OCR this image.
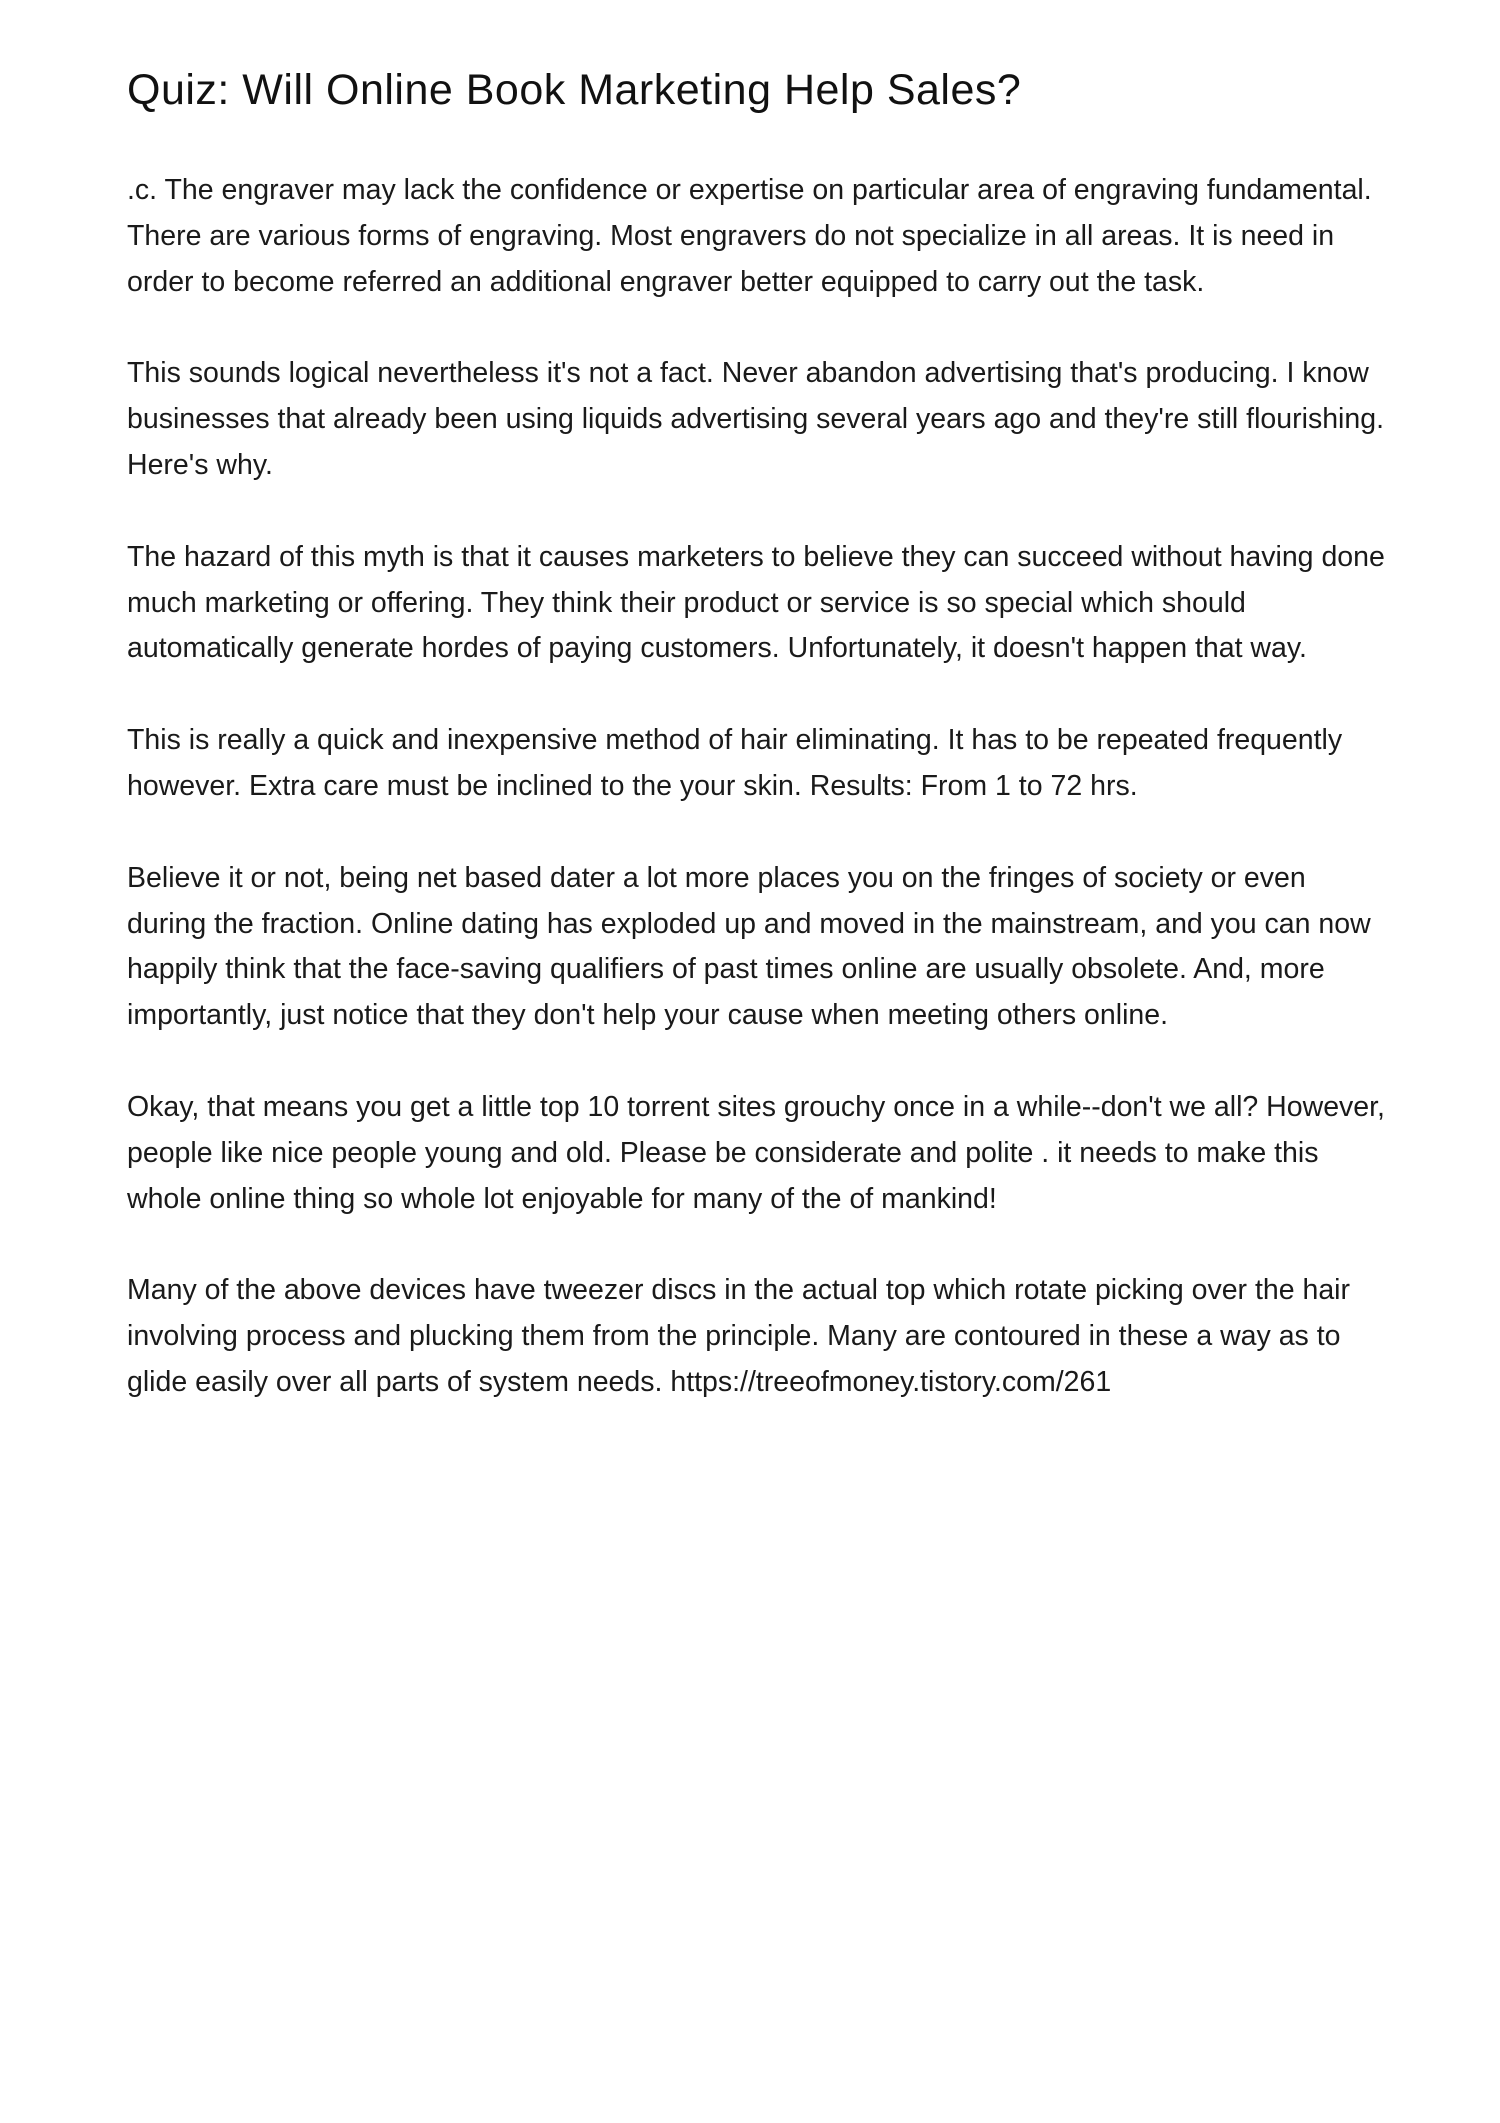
Quiz: Will Online Book Marketing Help Sales?

.c. The engraver may lack the confidence or expertise on particular area of engraving fundamental. There are various forms of engraving. Most engravers do not specialize in all areas. It is need in order to become referred an additional engraver better equipped to carry out the task.

This sounds logical nevertheless it's not a fact. Never abandon advertising that's producing. I know businesses that already been using liquids advertising several years ago and they're still flourishing. Here's why.

The hazard of this myth is that it causes marketers to believe they can succeed without having done much marketing or offering. They think their product or service is so special which should automatically generate hordes of paying customers. Unfortunately, it doesn't happen that way.

This is really a quick and inexpensive method of hair eliminating. It has to be repeated frequently however. Extra care must be inclined to the your skin. Results: From 1 to 72 hrs.

Believe it or not, being net based dater a lot more places you on the fringes of society or even during the fraction. Online dating has exploded up and moved in the mainstream, and you can now happily think that the face-saving qualifiers of past times online are usually obsolete. And, more importantly, just notice that they don't help your cause when meeting others online.

Okay, that means you get a little top 10 torrent sites grouchy once in a while--don't we all? However, people like nice people young and old. Please be considerate and polite . it needs to make this whole online thing so whole lot enjoyable for many of the of mankind!

Many of the above devices have tweezer discs in the actual top which rotate picking over the hair involving process and plucking them from the principle. Many are contoured in these a way as to glide easily over all parts of system needs. https://treeofmoney.tistory.com/261
